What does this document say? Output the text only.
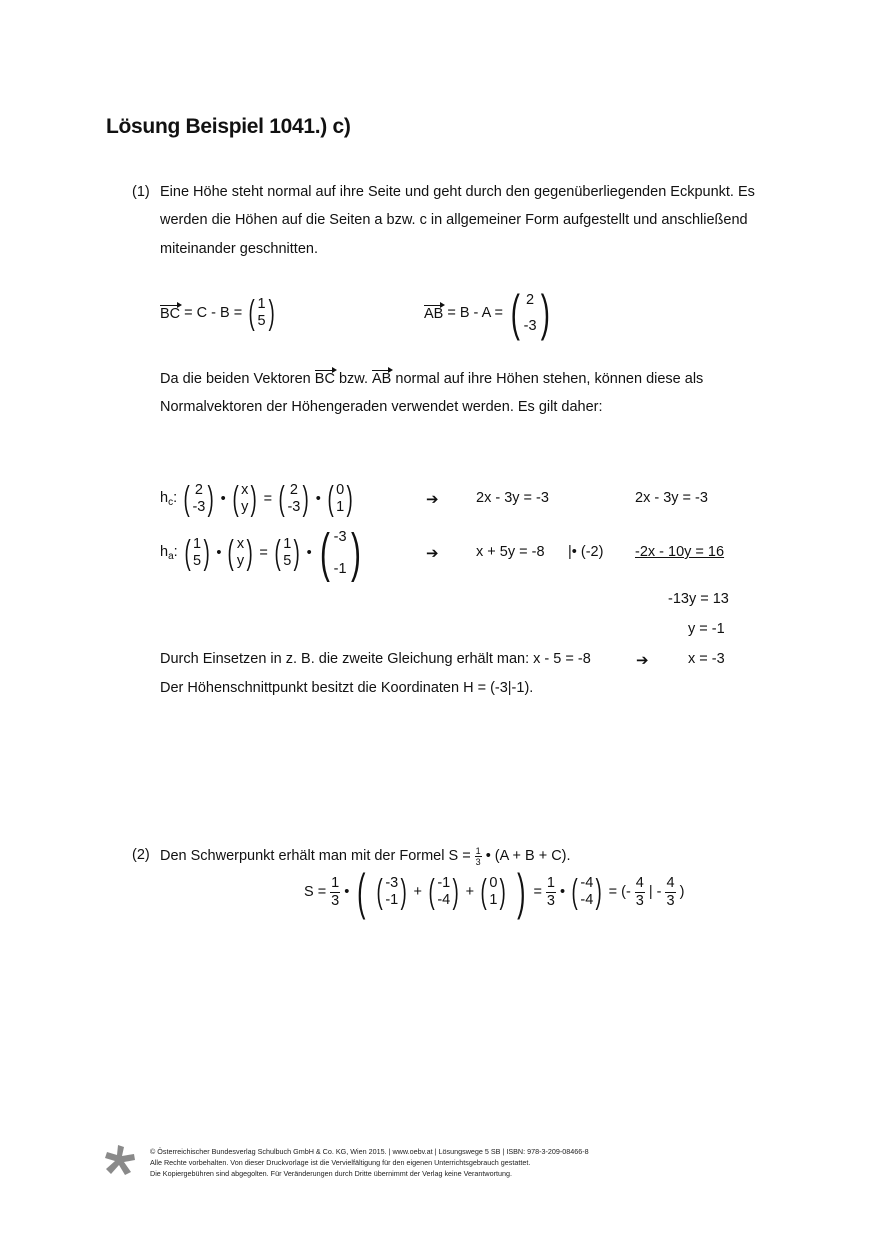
Lösung Beispiel 1041.) c)
(1) Eine Höhe steht normal auf ihre Seite und geht durch den gegenüberliegenden Eckpunkt. Es
werden die Höhen auf die Seiten a bzw. c in allgemeiner Form aufgestellt und anschließend
miteinander geschnitten.
BC = C - B = ( 1
5 )	AB = B - A = ( 2
-3 )
Da die beiden Vektoren BC bzw. AB normal auf ihre Höhen stehen, können diese als
Normalvektoren der Höhengeraden verwendet werden. Es gilt daher:
$h_c$: ( 2
-3 ) • ( x
y ) = ( 2
-3 ) • ( 0
1 )	➔	2x - 3y = -3	2x - 3y = -3
$h_a$: ( 1
5 ) • ( x
y ) = ( 1
5 ) • ( -3
-1 )	➔	x + 5y = -8 |• (-2) -2x - 10y = 16
-13y = 13
y = -1
Durch Einsetzen in z. B. die zweite Gleichung erhält man: x - 5 = -8	➔	x = -3
Der Höhenschnittpunkt besitzt die Koordinaten H = (-3|-1).
(2) Den Schwerpunkt erhält man mit der Formel $S = \frac{1}{3}$ • (A + B + C).
$S = \frac{1}{3}$ • ( ( -3
-1 ) + ( -1
-4 ) + ( 0
1 ) ) = $\frac{1}{3}$ • ( -4
-4 ) = (- $\frac{4}{3}$ | - $\frac{4}{3}$ )
© Österreichischer Bundesverlag Schulbuch GmbH & Co. KG, Wien 2015. | www.oebv.at | Lösungswege 5 SB | ISBN: 978-3-209-08466-8
Alle Rechte vorbehalten. Von dieser Druckvorlage ist die Vervielfältigung für den eigenen Unterrichtsgebrauch gestattet.
Die Kopiergebühren sind abgegolten. Für Veränderungen durch Dritte übernimmt der Verlag keine Verantwortung.
